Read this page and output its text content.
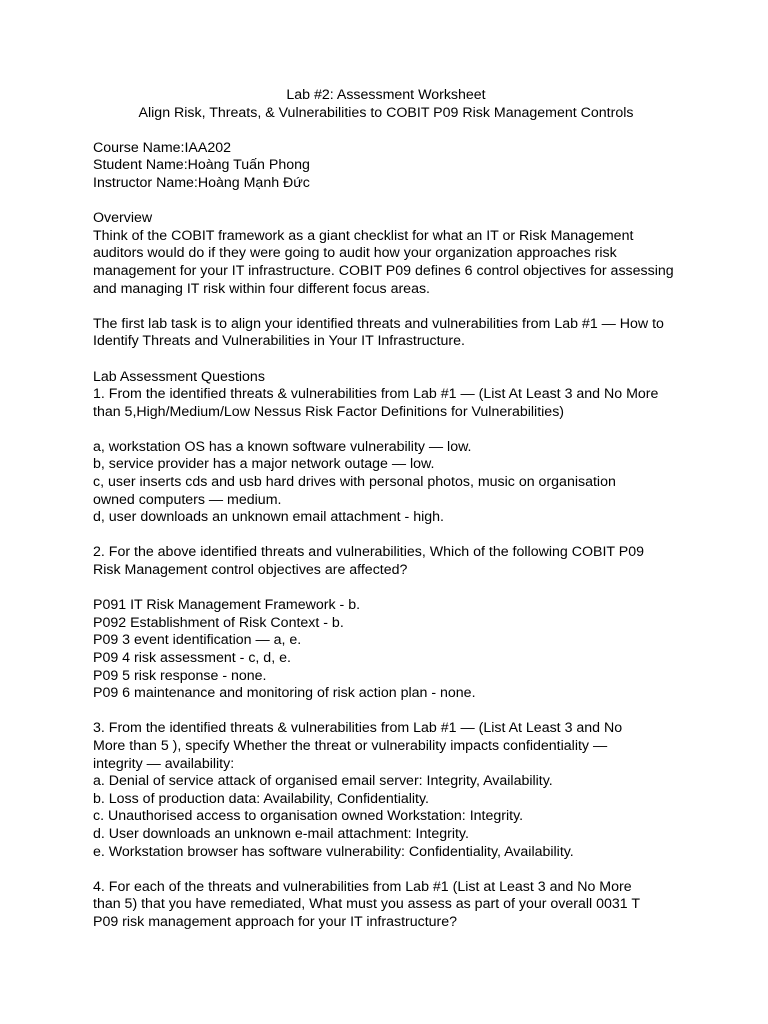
Lab #2: Assessment Worksheet
Align Risk, Threats, & Vulnerabilities to COBIT P09 Risk Management Controls
Course Name:IAA202
Student Name:Hoàng Tuấn Phong
Instructor Name:Hoàng Mạnh Đức
Overview
Think of the COBIT framework as a giant checklist for what an IT or Risk Management
auditors would do if they were going to audit how your organization approaches risk
management for your IT infrastructure. COBIT P09 defines 6 control objectives for assessing
and managing IT risk within four different focus areas.
The first lab task is to align your identified threats and vulnerabilities from Lab #1 — How to
Identify Threats and Vulnerabilities in Your IT Infrastructure.
Lab Assessment Questions
1. From the identified threats & vulnerabilities from Lab #1 — (List At Least 3 and No More
than 5,High/Medium/Low Nessus Risk Factor Definitions for Vulnerabilities)
a, workstation OS has a known software vulnerability — low.
b, service provider has a major network outage — low.
c, user inserts cds and usb hard drives with personal photos, music on organisation
owned computers — medium.
d, user downloads an unknown email attachment - high.
2. For the above identified threats and vulnerabilities, Which of the following COBIT P09
Risk Management control objectives are affected?
P091 IT Risk Management Framework - b.
P092 Establishment of Risk Context - b.
P09 3 event identification — a, e.
P09 4 risk assessment - c, d, e.
P09 5 risk response - none.
P09 6 maintenance and monitoring of risk action plan - none.
3. From the identified threats & vulnerabilities from Lab #1 — (List At Least 3 and No
More than 5 ), specify Whether the threat or vulnerability impacts confidentiality —
integrity — availability:
a. Denial of service attack of organised email server: Integrity, Availability.
b. Loss of production data: Availability, Confidentiality.
c. Unauthorised access to organisation owned Workstation: Integrity.
d. User downloads an unknown e-mail attachment: Integrity.
e. Workstation browser has software vulnerability: Confidentiality, Availability.
4. For each of the threats and vulnerabilities from Lab #1 (List at Least 3 and No More
than 5) that you have remediated, What must you assess as part of your overall 0031 T
P09 risk management approach for your IT infrastructure?
